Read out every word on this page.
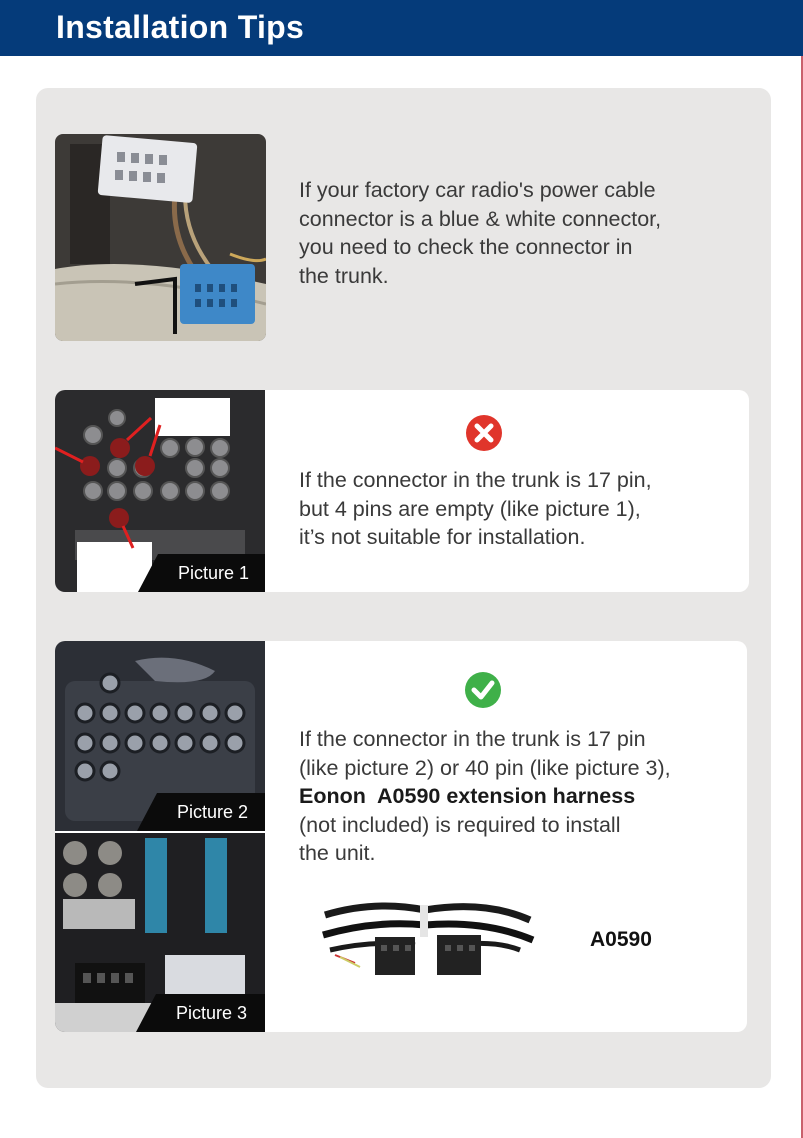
Installation Tips
If your factory car radio's power cable
connector is a blue & white connector,
you need to check the connector in
the trunk.
Picture 1
If the connector in the trunk is 17 pin,
but 4 pins are empty (like picture 1),
it’s not suitable for installation.
Picture 2
Picture 3
If the connector in the trunk is 17 pin
(like picture 2) or 40 pin (like picture 3),
Eonon  A0590 extension harness
(not included) is required to install
the unit.
A0590
